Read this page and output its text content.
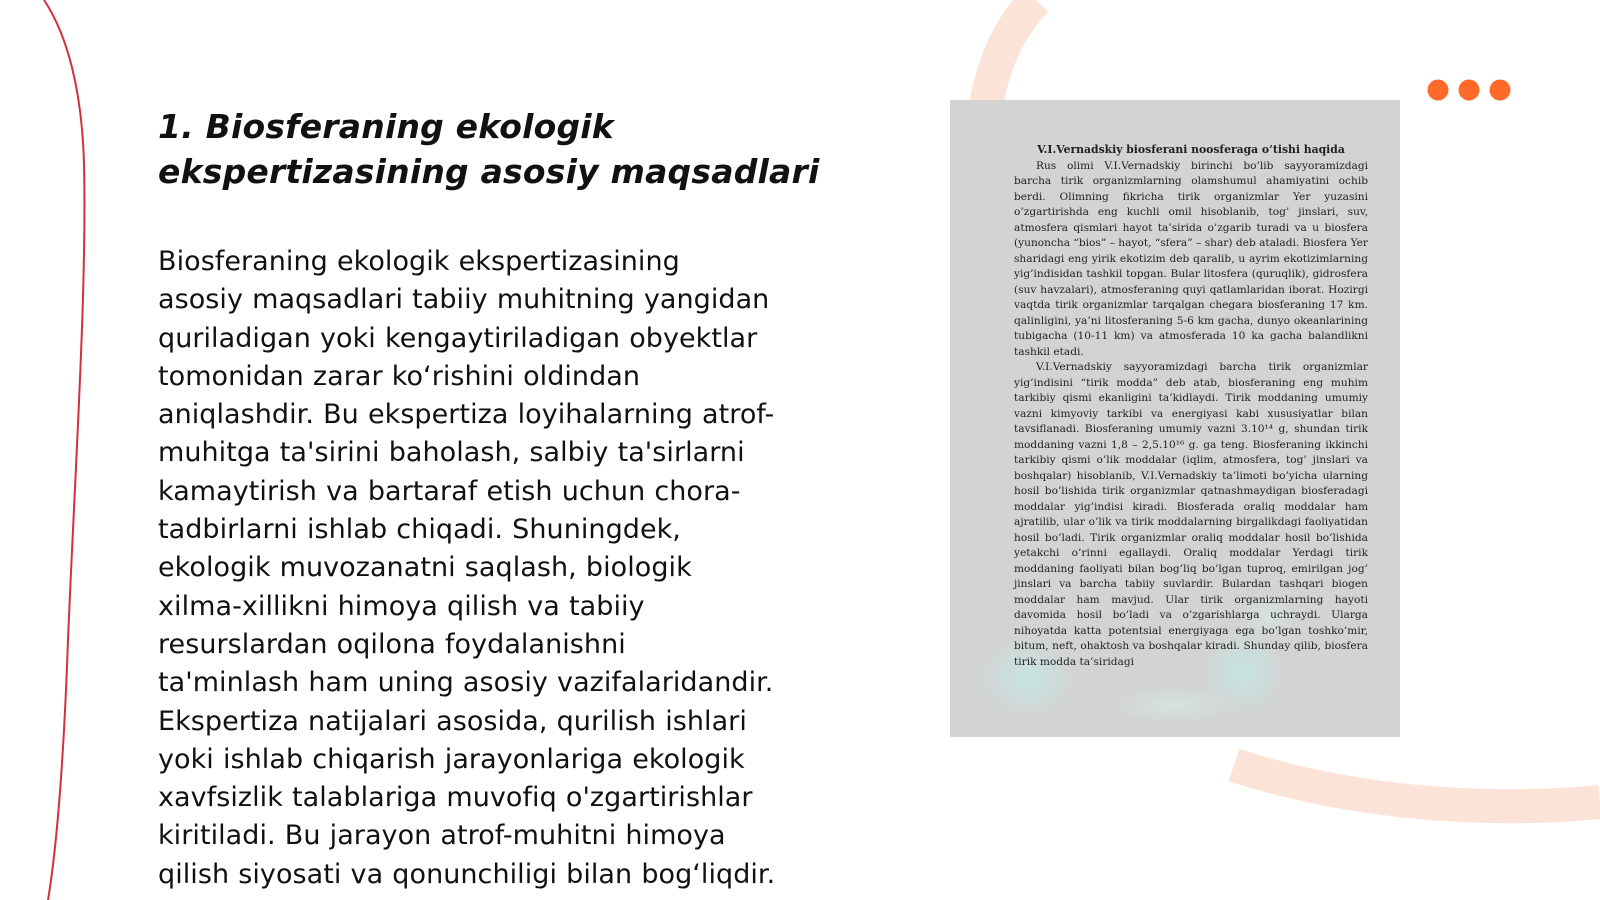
1. Biosferaning ekologik ekspertizasining asosiy maqsadlari

Biosferaning ekologik ekspertizasining
asosiy maqsadlari tabiiy muhitning yangidan
quriladigan yoki kengaytiriladigan obyektlar
tomonidan zarar ko‘rishini oldindan
aniqlashdir. Bu ekspertiza loyihalarning atrof-
muhitga ta'sirini baholash, salbiy ta'sirlarni
kamaytirish va bartaraf etish uchun chora-
tadbirlarni ishlab chiqadi. Shuningdek,
ekologik muvozanatni saqlash, biologik
xilma-xillikni himoya qilish va tabiiy
resurslardan oqilona foydalanishni
ta'minlash ham uning asosiy vazifalaridandir.
Ekspertiza natijalari asosida, qurilish ishlari
yoki ishlab chiqarish jarayonlariga ekologik
xavfsizlik talablariga muvofiq o'zgartirishlar
kiritiladi. Bu jarayon atrof-muhitni himoya
qilish siyosati va qonunchiligi bilan bog‘liqdir.

V.I.Vernadskiy biosferani noosferaga o’tishi haqida

Rus olimi V.I.Vernadskiy birinchi bo’lib sayyoramizdagi barcha tirik organizmlarning olamshumul ahamiyatini ochib berdi. Olimning fikricha tirik organizmlar Yer yuzasini o’zgartirishda eng kuchli omil hisoblanib, tog’ jinslari, suv, atmosfera qismlari hayot ta’sirida o’zgarib turadi va u biosfera (yunoncha “bios” – hayot, “sfera” – shar) deb ataladi. Biosfera Yer sharidagi eng yirik ekotizim deb qaralib, u ayrim ekotizimlarning yig’indisidan tashkil topgan. Bular litosfera (quruqlik), gidrosfera (suv havzalari), atmosferaning quyi qatlamlaridan iborat. Hozirgi vaqtda tirik organizmlar tarqalgan chegara biosferaning 17 km. qalinligini, ya’ni litosferaning 5-6 km gacha, dunyo okeanlarining tubigacha (10-11 km) va atmosferada 10 ka gacha balandlikni tashkil etadi.

V.I.Vernadskiy sayyoramizdagi barcha tirik organizmlar yig’indisini “tirik modda” deb atab, biosferaning eng muhim tarkibiy qismi ekanligini ta’kidlaydi. Tirik moddaning umumiy vazni kimyoviy tarkibi va energiyasi kabi xususiyatlar bilan tavsiflanadi. Biosferaning umumiy vazni 3.10¹⁴ g, shundan tirik moddaning vazni 1,8 – 2,5.10¹⁶ g. ga teng. Biosferaning ikkinchi tarkibiy qismi o’lik moddalar (iqlim, atmosfera, tog’ jinslari va boshqalar) hisoblanib, V.I.Vernadskiy ta’limoti bo’yicha ularning hosil bo’lishida tirik organizmlar qatnashmaydigan biosferadagi moddalar yig’indisi kiradi. Biosferada oraliq moddalar ham ajratilib, ular o’lik va tirik moddalarning birgalikdagi faoliyatidan hosil bo’ladi. Tirik organizmlar oraliq moddalar hosil bo’lishida yetakchi o’rinni egallaydi. Oraliq moddalar Yerdagi tirik moddaning faoliyati bilan bog’liq bo’lgan tuproq, emirilgan jog’ jinslari va barcha tabiiy suvlardir. Bulardan tashqari biogen moddalar ham mavjud. Ular tirik organizmlarning hayoti davomida hosil bo’ladi va o’zgarishlarga uchraydi. Ularga nihoyatda katta potentsial energiyaga ega bo’lgan toshko’mir, bitum, neft, ohaktosh va boshqalar kiradi. Shunday qilib, biosfera tirik modda ta’siridagi
